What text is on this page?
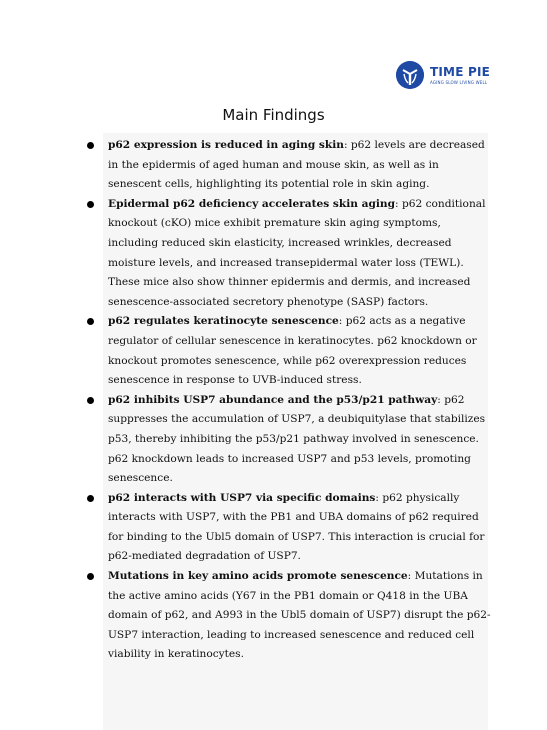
TIME PIE
AGING SLOW LIVING WELL
Main Findings
p62 expression is reduced in aging skin: p62 levels are decreased in the epidermis of aged human and mouse skin, as well as in senescent cells, highlighting its potential role in skin aging.
Epidermal p62 deficiency accelerates skin aging: p62 conditional knockout (cKO) mice exhibit premature skin aging symptoms, including reduced skin elasticity, increased wrinkles, decreased moisture levels, and increased transepidermal water loss (TEWL). These mice also show thinner epidermis and dermis, and increased senescence-associated secretory phenotype (SASP) factors.
p62 regulates keratinocyte senescence: p62 acts as a negative regulator of cellular senescence in keratinocytes. p62 knockdown or knockout promotes senescence, while p62 overexpression reduces senescence in response to UVB-induced stress.
p62 inhibits USP7 abundance and the p53/p21 pathway: p62 suppresses the accumulation of USP7, a deubiquitylase that stabilizes p53, thereby inhibiting the p53/p21 pathway involved in senescence. p62 knockdown leads to increased USP7 and p53 levels, promoting senescence.
p62 interacts with USP7 via specific domains: p62 physically interacts with USP7, with the PB1 and UBA domains of p62 required for binding to the Ubl5 domain of USP7. This interaction is crucial for p62-mediated degradation of USP7.
Mutations in key amino acids promote senescence: Mutations in the active amino acids (Y67 in the PB1 domain or Q418 in the UBA domain of p62, and A993 in the Ubl5 domain of USP7) disrupt the p62-USP7 interaction, leading to increased senescence and reduced cell viability in keratinocytes.
